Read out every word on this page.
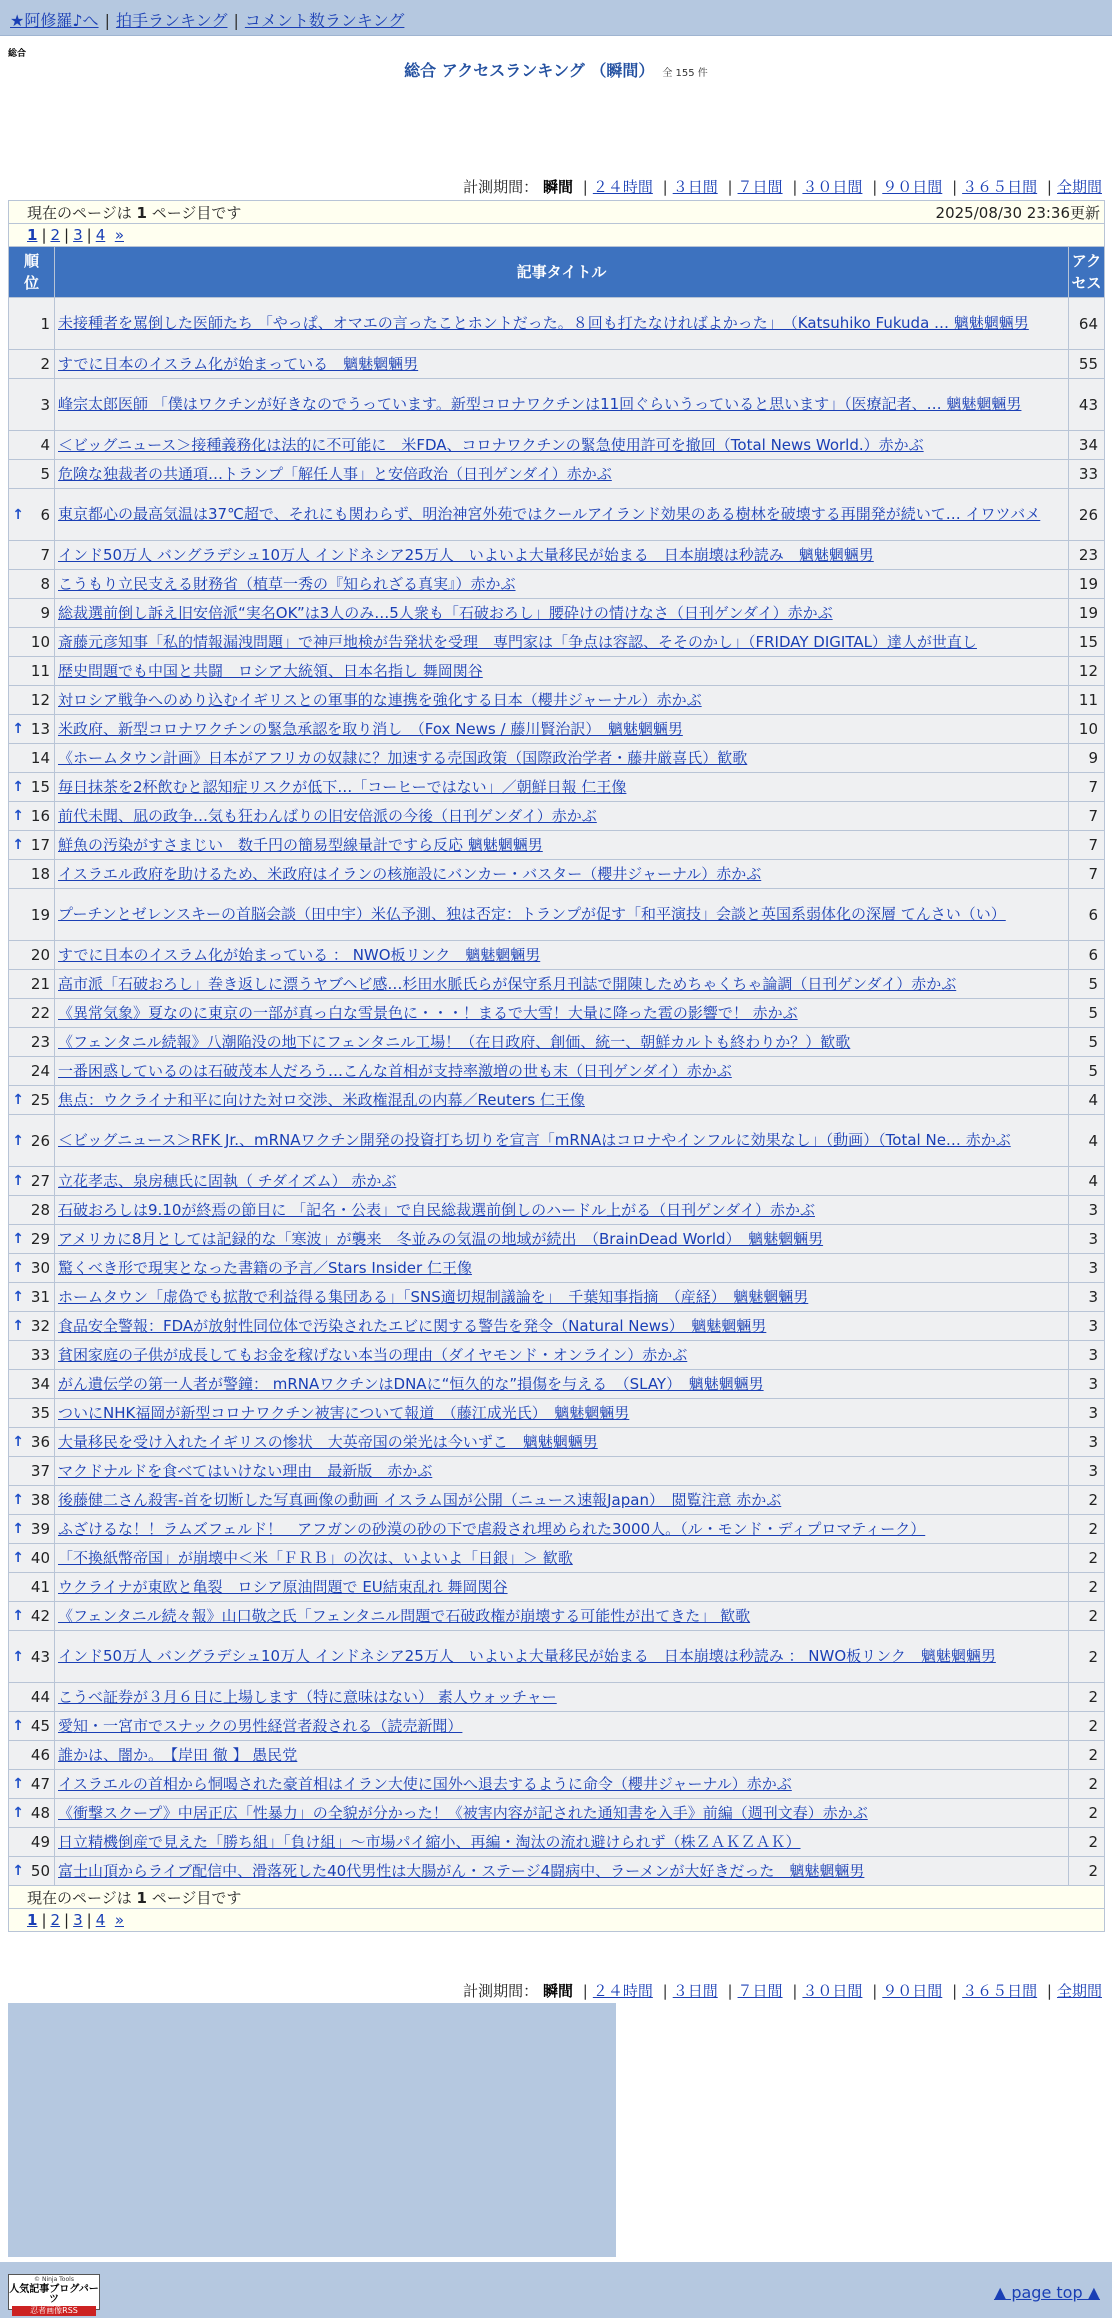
★阿修羅♪へ | 拍手ランキング | コメント数ランキング
総合
総合 アクセスランキング （瞬間） 全 155 件
計測期間： 瞬間 | ２４時間 | ３日間 | ７日間 | ３０日間 | ９０日間 | ３６５日間 | 全期間
現在のページは 1 ページ目です 2025/08/30 23:36更新		

1 | 2 | 3 | 4 »		
順位	記事タイトル	アクセス
1	未接種者を罵倒した医師たち 「やっぱ、オマエの言ったことホントだった。８回も打たなければよかった」　（Katsuhiko Fukuda … 魑魅魍魎男	64
2	すでに日本のイスラム化が始まっている　魑魅魍魎男	55
3	峰宗太郎医師 「僕はワクチンが好きなのでうっています。新型コロナワクチンは11回ぐらいうっていると思います」（医療記者、… 魑魅魍魎男	43
4	＜ビッグニュース＞接種義務化は法的に不可能に　米FDA、コロナワクチンの緊急使用許可を撤回（Total News World.）赤かぶ	34
5	危険な独裁者の共通項…トランプ「解任人事」と安倍政治（日刊ゲンダイ）赤かぶ	33

↑ 6	東京都心の最高気温は37℃超で、それにも関わらず、明治神宮外苑ではクールアイランド効果のある樹林を破壊する再開発が続いて… イワツバメ	26
7	インド50万人 バングラデシュ10万人 インドネシア25万人　いよいよ大量移民が始まる　日本崩壊は秒読み　魑魅魍魎男	23
8	こうもり立民支える財務省（植草一秀の『知られざる真実』）赤かぶ	19
9	総裁選前倒し訴え旧安倍派“実名OK”は3人のみ…5人衆も「石破おろし」腰砕けの情けなさ（日刊ゲンダイ）赤かぶ	19
10	斎藤元彦知事「私的情報漏洩問題」で神戸地検が告発状を受理　専門家は「争点は容認、そそのかし」（FRIDAY DIGITAL）達人が世直し	15
11	歴史問題でも中国と共闘　ロシア大統領、日本名指し 舞岡関谷	12
12	対ロシア戦争へのめり込むイギリスとの軍事的な連携を強化する日本（櫻井ジャーナル）赤かぶ	11

↑ 13	米政府、新型コロナワクチンの緊急承認を取り消し　（Fox News / 藤川賢治訳）　魑魅魍魎男	10
14	《ホームタウン計画》日本がアフリカの奴隷に？加速する売国政策（国際政治学者・藤井厳喜氏）歓歌	9

↑ 15	毎日抹茶を2杯飲むと認知症リスクが低下…「コーヒーではない」／朝鮮日報 仁王像	7

↑ 16	前代未聞、凪の政争…気も狂わんばりの旧安倍派の今後（日刊ゲンダイ）赤かぶ	7

↑ 17	鮮魚の汚染がすさまじい　数千円の簡易型線量計ですら反応 魑魅魍魎男	7
18	イスラエル政府を助けるため、米政府はイランの核施設にバンカー・バスター（櫻井ジャーナル）赤かぶ	7
19	プーチンとゼレンスキーの首脳会談（田中宇）米仏予測、独は否定：トランプが促す「和平演技」会談と英国系弱体化の深層 てんさい（い）	6
20	すでに日本のイスラム化が始まっている ： NWO板リンク　魑魅魍魎男	6
21	高市派「石破おろし」巻き返しに漂うヤブヘビ感…杉田水脈氏らが保守系月刊誌で開陳しためちゃくちゃ論調（日刊ゲンダイ）赤かぶ	5
22	《異常気象》夏なのに東京の一部が真っ白な雪景色に・・・！まるで大雪！大量に降った雹の影響で！ 赤かぶ	5
23	《フェンタニル続報》八潮陥没の地下にフェンタニル工場！（在日政府、創価、統一、朝鮮カルトも終わりか？）歓歌	5
24	一番困惑しているのは石破茂本人だろう…こんな首相が支持率激増の世も末（日刊ゲンダイ）赤かぶ	5

↑ 25	焦点：ウクライナ和平に向けた対ロ交渉、米政権混乱の内幕／Reuters 仁王像	4

↑ 26	＜ビッグニュース＞RFK Jr.、mRNAワクチン開発の投資打ち切りを宣言「mRNAはコロナやインフルに効果なし」（動画）（Total Ne… 赤かぶ	4

↑ 27	立花孝志、泉房穂氏に固執（ チダイズム） 赤かぶ	4
28	石破おろしは9.10が終焉の節目に 「記名・公表」で自民総裁選前倒しのハードル上がる（日刊ゲンダイ）赤かぶ	3

↑ 29	アメリカに8月としては記録的な「寒波」が襲来　冬並みの気温の地域が続出　（BrainDead World）　魑魅魍魎男	3

↑ 30	驚くべき形で現実となった書籍の予言／Stars Insider 仁王像	3

↑ 31	ホームタウン「虚偽でも拡散で利益得る集団ある」「SNS適切規制議論を」　千葉知事指摘　（産経）　魑魅魍魎男	3

↑ 32	食品安全警報：FDAが放射性同位体で汚染されたエビに関する警告を発令（Natural News）　魑魅魍魎男	3
33	貧困家庭の子供が成長してもお金を稼げない本当の理由（ダイヤモンド・オンライン）赤かぶ	3
34	がん遺伝学の第一人者が警鐘： mRNAワクチンはDNAに“恒久的な”損傷を与える　（SLAY）　魑魅魍魎男	3
35	ついにNHK福岡が新型コロナワクチン被害について報道　（藤江成光氏）　魑魅魍魎男	3

↑ 36	大量移民を受け入れたイギリスの惨状　大英帝国の栄光は今いずこ　魑魅魍魎男	3
37	マクドナルドを食べてはいけない理由　最新版　赤かぶ	3

↑ 38	後藤健二さん殺害-首を切断した写真画像の動画 イスラム国が公開（ニュース速報Japan）　閲覧注意 赤かぶ	2

↑ 39	ふざけるな！！ラムズフェルド！　アフガンの砂漠の砂の下で虐殺され埋められた3000人。（ル・モンド・ディプロマティーク）	2

↑ 40	「不換紙幣帝国」が崩壊中＜米「ＦＲＢ」の次は、いよいよ「日銀」＞ 歓歌	2
41	ウクライナが東欧と亀裂　ロシア原油問題で EU結束乱れ 舞岡関谷	2

↑ 42	《フェンタニル続々報》山口敬之氏「フェンタニル問題で石破政権が崩壊する可能性が出てきた」 歓歌	2

↑ 43	インド50万人 バングラデシュ10万人 インドネシア25万人　いよいよ大量移民が始まる　日本崩壊は秒読み ： NWO板リンク　魑魅魍魎男	2
44	こうべ証券が３月６日に上場します（特に意味はない） 素人ウォッチャー	2

↑ 45	愛知・一宮市でスナックの男性経営者殺される（読売新聞）	2
46	誰かは、闇か。　【岸田 徹 】 愚民党	2

↑ 47	イスラエルの首相から恫喝された豪首相はイラン大使に国外へ退去するように命令（櫻井ジャーナル）赤かぶ	2

↑ 48	《衝撃スクープ》中居正広「性暴力」の全貌が分かった！《被害内容が記された通知書を入手》前編（週刊文春）赤かぶ	2
49	日立精機倒産で見えた「勝ち組」「負け組」～市場パイ縮小、再編・淘汰の流れ避けられず（株ＺＡＫＺＡＫ）	2

↑ 50	富士山頂からライブ配信中、滑落死した40代男性は大腸がん・ステージ4闘病中、ラーメンが大好きだった　魑魅魍魎男	2
現在のページは 1 ページ目です		
1 | 2 | 3 | 4 »		
© Ninja Tools
人気記事ブログパーツ
忍者画像RSS
▲ page top ▲
計測期間： 瞬間 | ２４時間 | ３日間 | ７日間 | ３０日間 | ９０日間 | ３６５日間 | 全期間
